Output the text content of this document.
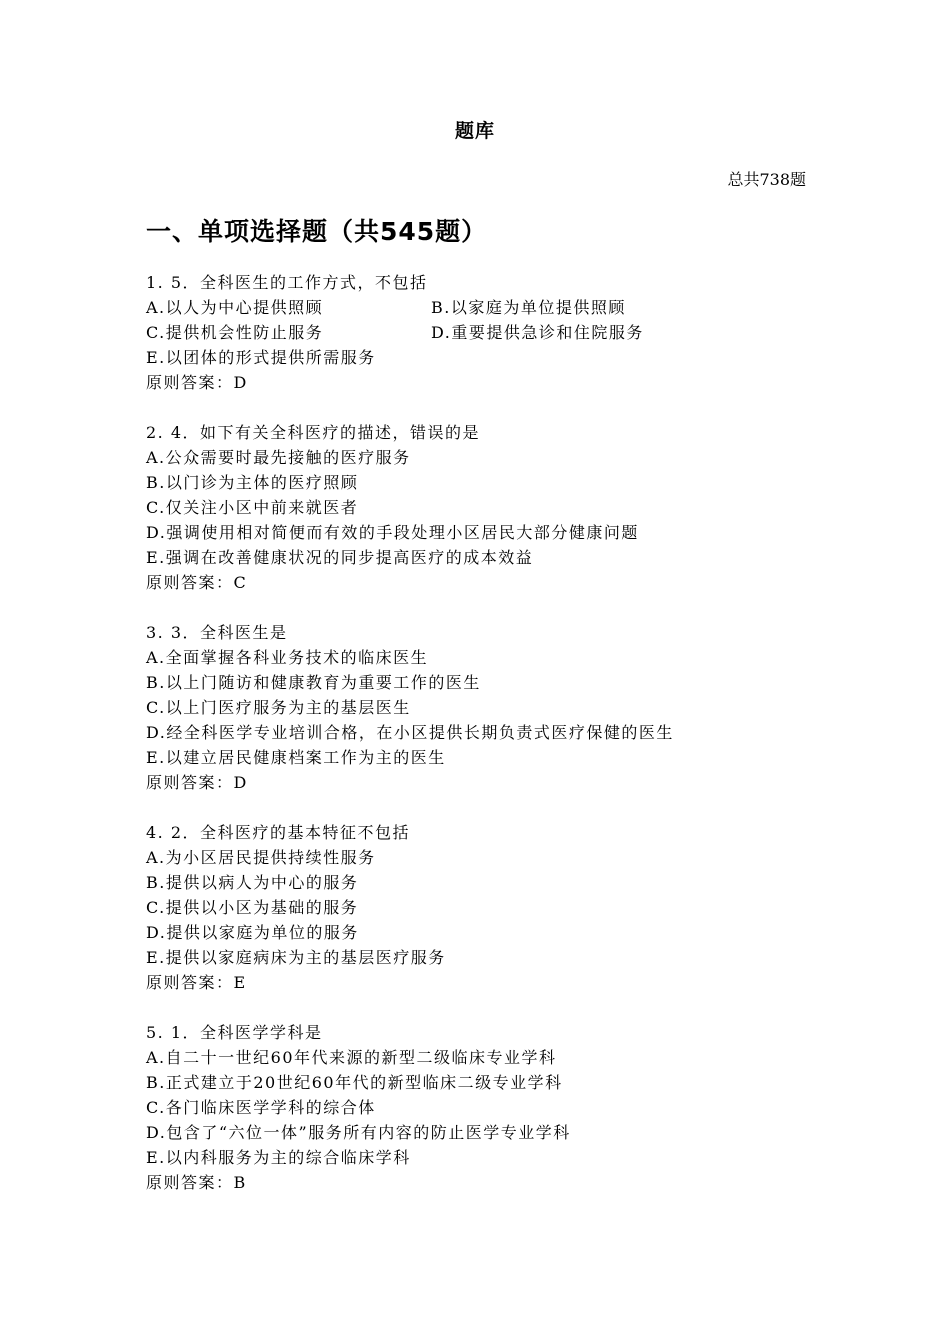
题库
总共738题
一、单项选择题（共545题）
1. 5．全科医生的工作方式，不包括
A.以人为中心提供照顾	B.以家庭为单位提供照顾
C.提供机会性防止服务	D.重要提供急诊和住院服务
E.以团体的形式提供所需服务
原则答案：D
2. 4．如下有关全科医疗的描述，错误的是
A.公众需要时最先接触的医疗服务
B.以门诊为主体的医疗照顾
C.仅关注小区中前来就医者
D.强调使用相对简便而有效的手段处理小区居民大部分健康问题
E.强调在改善健康状况的同步提高医疗的成本效益
原则答案：C
3. 3．全科医生是
A.全面掌握各科业务技术的临床医生
B.以上门随访和健康教育为重要工作的医生
C.以上门医疗服务为主的基层医生
D.经全科医学专业培训合格，在小区提供长期负责式医疗保健的医生
E.以建立居民健康档案工作为主的医生
原则答案：D
4. 2．全科医疗的基本特征不包括
A.为小区居民提供持续性服务
B.提供以病人为中心的服务
C.提供以小区为基础的服务
D.提供以家庭为单位的服务
E.提供以家庭病床为主的基层医疗服务
原则答案：E
5. 1．全科医学学科是
A.自二十一世纪60年代来源的新型二级临床专业学科
B.正式建立于20世纪60年代的新型临床二级专业学科
C.各门临床医学学科的综合体
D.包含了“六位一体”服务所有内容的防止医学专业学科
E.以内科服务为主的综合临床学科
原则答案：B
